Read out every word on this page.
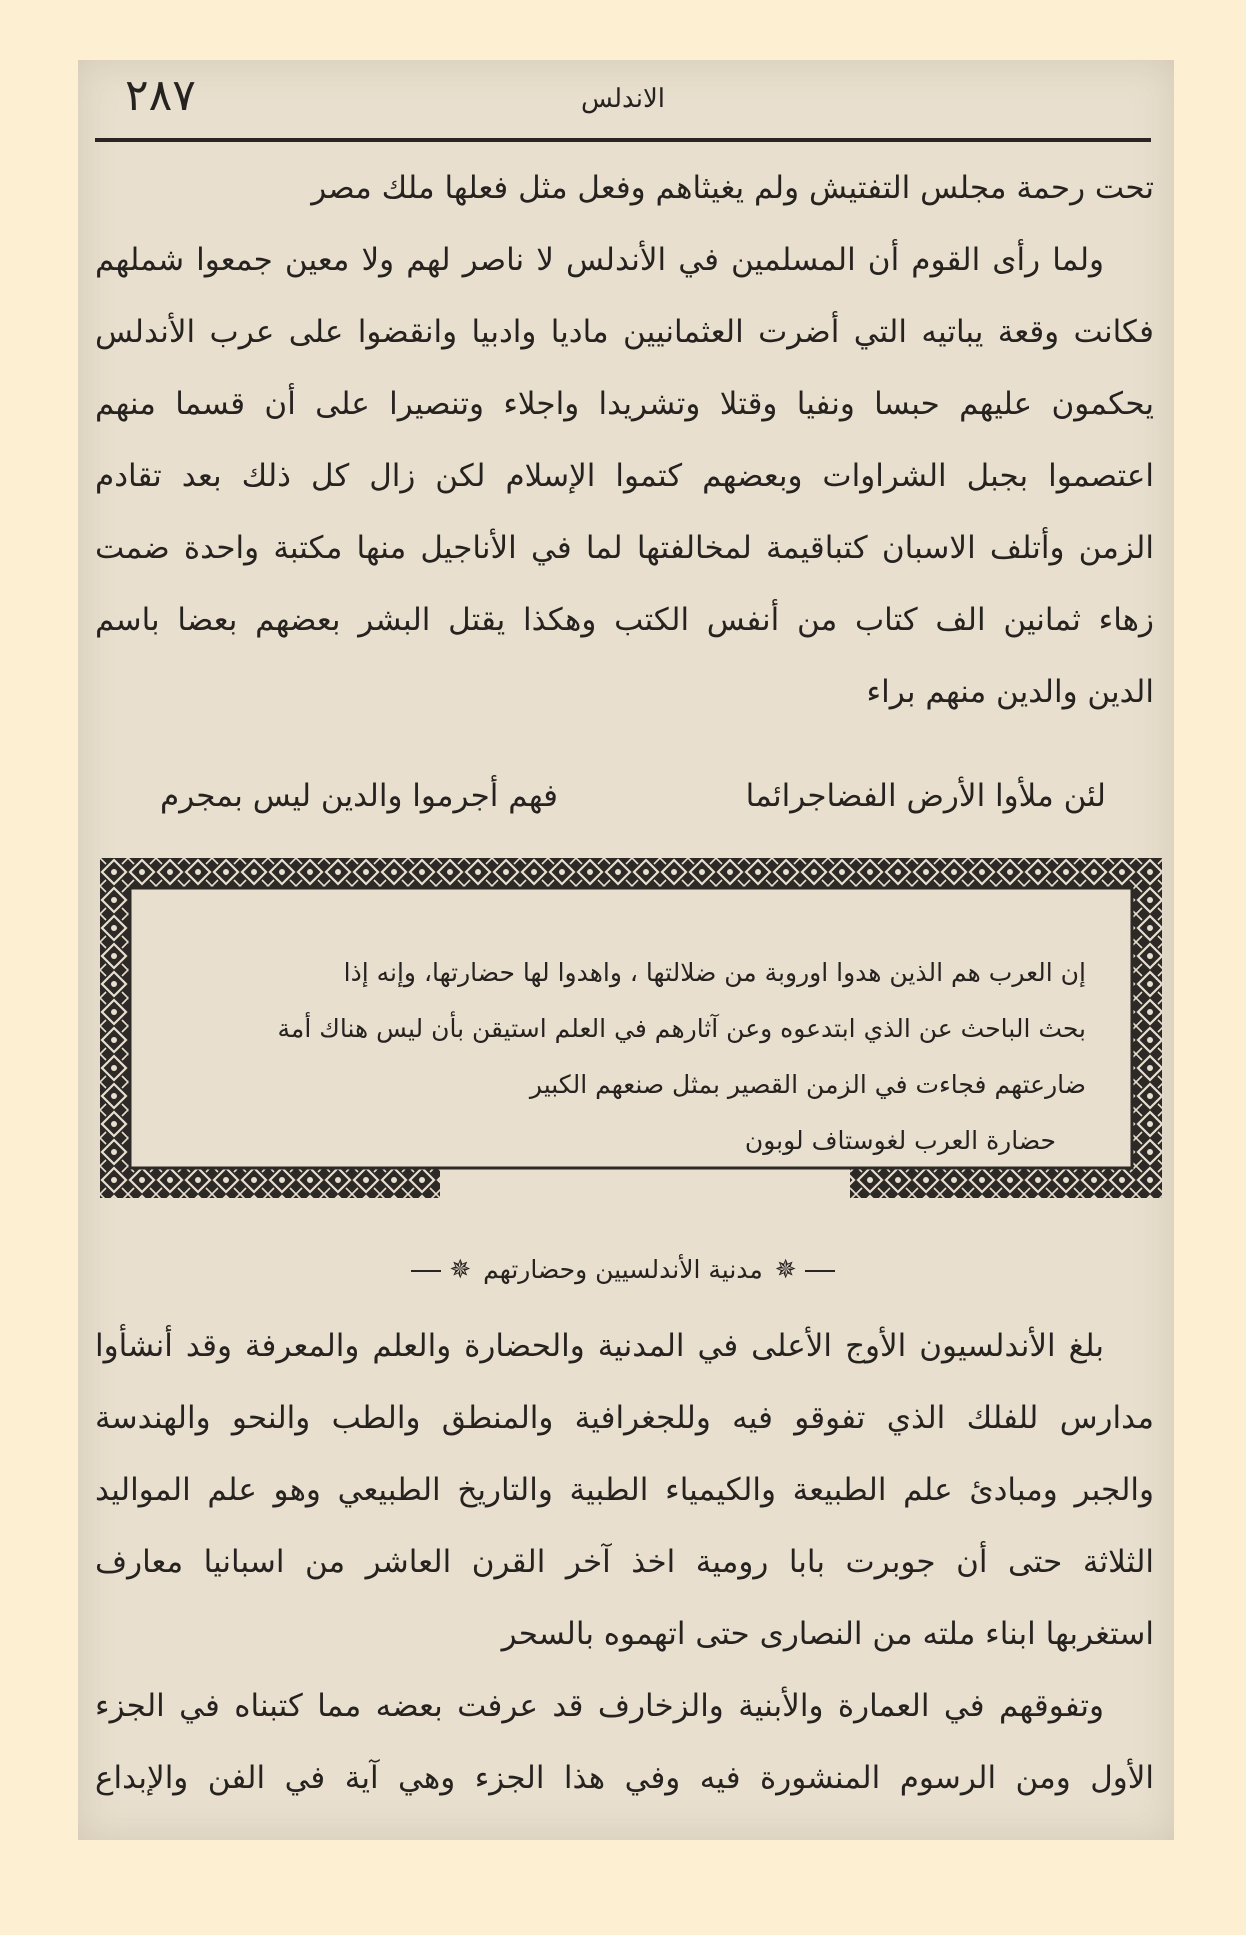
٢٨٧	الاندلس
تحت رحمة مجلس التفتيش ولم يغيثاهم وفعل مثل فعلها ملك مصر
ولما رأى القوم أن المسلمين في الأندلس لا ناصر لهم ولا معين جمعوا شملهم
فكانت وقعة يباتيه التي أضرت العثمانيين ماديا وادبيا وانقضوا على عرب الأندلس
يحكمون عليهم حبسا ونفيا وقتلا وتشريدا واجلاء وتنصيرا على أن قسما منهم
اعتصموا بجبل الشراوات وبعضهم كتموا الإسلام لكن زال كل ذلك بعد تقادم
الزمن وأتلف الاسبان كتباقيمة لمخالفتها لما في الأناجيل منها مكتبة واحدة ضمت
زهاء ثمانين الف كتاب من أنفس الكتب وهكذا يقتل البشر بعضهم بعضا باسم
الدين والدين منهم براء
لئن ملأوا الأرض الفضاجرائما
فهم أجرموا والدين ليس بمجرم
إن العرب هم الذين هدوا اوروبة من ضلالتها ، واهدوا لها حضارتها، وإنه إذا
بحث الباحث عن الذي ابتدعوه وعن آثارهم في العلم استيقن بأن ليس هناك أمة
ضارعتهم فجاءت في الزمن القصير بمثل صنعهم الكبير
حضارة العرب لغوستاف لوبون
✵ مدنية الأندلسيين وحضارتهم ✵
بلغ الأندلسيون الأوج الأعلى في المدنية والحضارة والعلم والمعرفة وقد أنشأوا
مدارس للفلك الذي تفوقو فيه وللجغرافية والمنطق والطب والنحو والهندسة
والجبر ومبادئ علم الطبيعة والكيمياء الطبية والتاريخ الطبيعي وهو علم المواليد
الثلاثة حتى أن جوبرت بابا رومية اخذ آخر القرن العاشر من اسبانيا معارف
استغربها ابناء ملته من النصارى حتى اتهموه بالسحر
وتفوقهم في العمارة والأبنية والزخارف قد عرفت بعضه مما كتبناه في الجزء
الأول ومن الرسوم المنشورة فيه وفي هذا الجزء وهي آية في الفن والإبداع
